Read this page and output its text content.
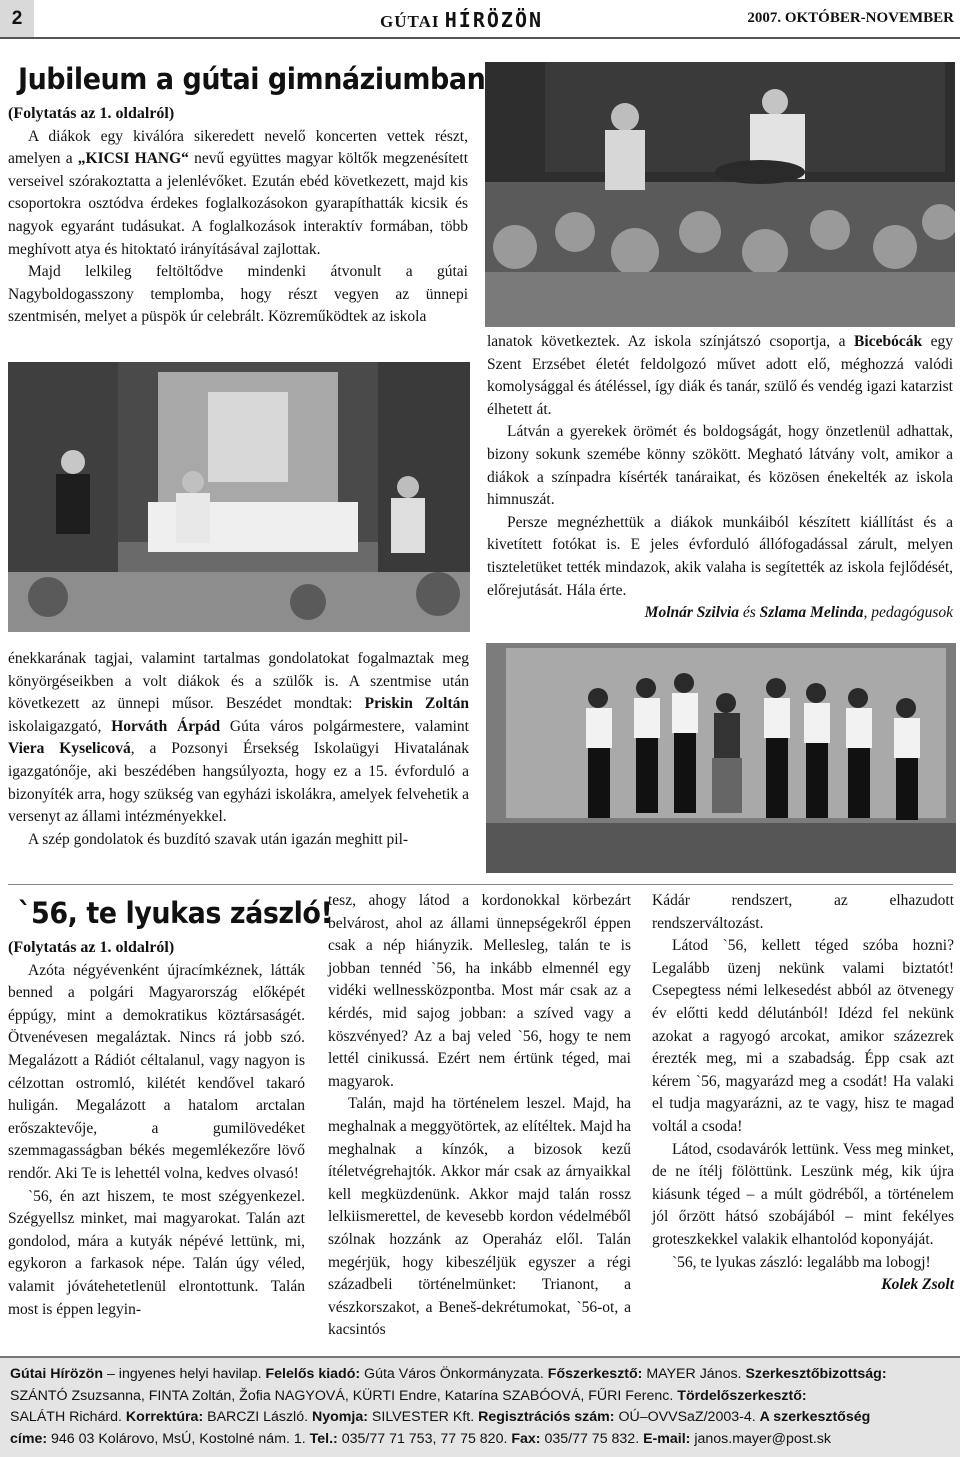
2	GÚTAI HÍRÖZÖN	2007. OKTÓBER-NOVEMBER
Jubileum a gútai gimnáziumban

(Folytatás az 1. oldalról)

A diákok egy kiválóra sikeredett nevelő koncerten vettek részt, amelyen a „KICSI HANG“ nevű együttes magyar költők megzenésített verseivel szórakoztatta a jelenlévőket. Ezután ebéd következett, majd kis csoportokra osztódva érdekes foglalkozásokon gyarapíthatták kicsik és nagyok egyaránt tudásukat. A foglalkozások interaktív formában, több meghívott atya és hitoktató irányításával zajlottak.

Majd lelkileg feltöltődve mindenki átvonult a gútai Nagyboldogasszony templomba, hogy részt vegyen az ünnepi szentmisén, melyet a püspök úr celebrált. Közreműködtek az iskola

lanatok következtek. Az iskola színjátszó csoportja, a Bicebócák egy Szent Erzsébet életét feldolgozó művet adott elő, méghozzá valódi komolysággal és átéléssel, így diák és tanár, szülő és vendég igazi katarzist élhetett át.

Látván a gyerekek örömét és boldogságát, hogy önzetlenül adhattak, bizony sokunk szemébe könny szökött. Megható látvány volt, amikor a diákok a színpadra kísérték tanáraikat, és közösen énekelték az iskola himnuszát.

Persze megnézhettük a diákok munkáiból készített kiállítást és a kivetített fotókat is. E jeles évforduló állófogadással zárult, melyen tiszteletüket tették mindazok, akik valaha is segítették az iskola fejlődését, előrejutását. Hála érte.

Molnár Szilvia és Szlama Melinda, pedagógusok

énekkarának tagjai, valamint tartalmas gondolatokat fogalmaztak meg könyörgéseikben a volt diákok és a szülők is. A szentmise után következett az ünnepi műsor. Beszédet mondtak: Priskin Zoltán iskolaigazgató, Horváth Árpád Gúta város polgármestere, valamint Viera Kyselicová, a Pozsonyi Érsekség Iskolaügyi Hivatalának igazgatónője, aki beszédében hangsúlyozta, hogy ez a 15. évforduló a bizonyíték arra, hogy szükség van egyházi iskolákra, amelyek felvehetik a versenyt az állami intézményekkel.

A szép gondolatok és buzdító szavak után igazán meghitt pil-

`56, te lyukas zászló!

(Folytatás az 1. oldalról)

Azóta négyévenként újracímkéznek, látták benned a polgári Magyarország előképét éppúgy, mint a demokratikus köztársaságét. Ötvenévesen megaláztak. Nincs rá jobb szó. Megalázott a Rádiót céltalanul, vagy nagyon is célzottan ostromló, kilétét kendővel takaró huligán. Megalázott a hatalom arctalan erőszaktevője, a gumilövedéket szemmagasságban békés megemlékezőre lövő rendőr. Aki Te is lehettél volna, kedves olvasó!

`56, én azt hiszem, te most szégyenkezel. Szégyellsz minket, mai magyarokat. Talán azt gondolod, mára a kutyák népévé lettünk, mi, egykoron a farkasok népe. Talán úgy véled, valamit jóvátehetetlenül elrontottunk. Talán most is éppen legyin-

tesz, ahogy látod a kordonokkal körbezárt belvárost, ahol az állami ünnepségekről éppen csak a nép hiányzik. Mellesleg, talán te is jobban tennéd `56, ha inkább elmennél egy vidéki wellnessközpontba. Most már csak az a kérdés, mid sajog jobban: a szíved vagy a köszvényed? Az a baj veled `56, hogy te nem lettél cinikussá. Ezért nem értünk téged, mai magyarok.

Talán, majd ha történelem leszel. Majd, ha meghalnak a meggyötörtek, az elítéltek. Majd ha meghalnak a kínzók, a bizosok kezű ítéletvégrehajtók. Akkor már csak az árnyaikkal kell megküzdenünk. Akkor majd talán rossz lelkiismerettel, de kevesebb kordon védelméből szólnak hozzánk az Operaház elől. Talán megérjük, hogy kibeszéljük egyszer a régi századbeli történelmünket: Trianont, a vészkorszakot, a Beneš-dekrétumokat, `56-ot, a kacsintós

Kádár rendszert, az elhazudott rendszerváltozást.

Látod `56, kellett téged szóba hozni? Legalább üzenj nekünk valami biztatót! Csepegtess némi lelkesedést abból az ötvenegy év előtti kedd délutánból! Idézd fel nekünk azokat a ragyogó arcokat, amikor százezrek érezték meg, mi a szabadság. Épp csak azt kérem `56, magyarázd meg a csodát! Ha valaki el tudja magyarázni, az te vagy, hisz te magad voltál a csoda!

Látod, csodavárók lettünk. Vess meg minket, de ne ítélj fölöttünk. Leszünk még, kik újra kiásunk téged – a múlt gödréből, a történelem jól őrzött hátsó szobájából – mint fekélyes groteszkekkel valakik elhantolód koponyáját.

`56, te lyukas zászló: legalább ma lobogj!

Kolek Zsolt

Gútai Hírözön – ingyenes helyi havilap. Felelős kiadó: Gúta Város Önkormányzata. Főszerkesztő: MAYER János. Szerkesztőbizottság:
SZÁNTÓ Zsuzsanna, FINTA Zoltán, Žofia NAGYOVÁ, KÜRTI Endre, Katarína SZABÓOVÁ, FŰRI Ferenc. Tördelőszerkesztő:
SALÁTH Richárd. Korrektúra: BARCZI László. Nyomja: SILVESTER Kft. Regisztrációs szám: OÚ–OVVSaZ/2003-4. A szerkesztőség
címe: 946 03 Kolárovo, MsÚ, Kostolné nám. 1. Tel.: 035/77 71 753, 77 75 820. Fax: 035/77 75 832. E-mail: janos.mayer@post.sk
